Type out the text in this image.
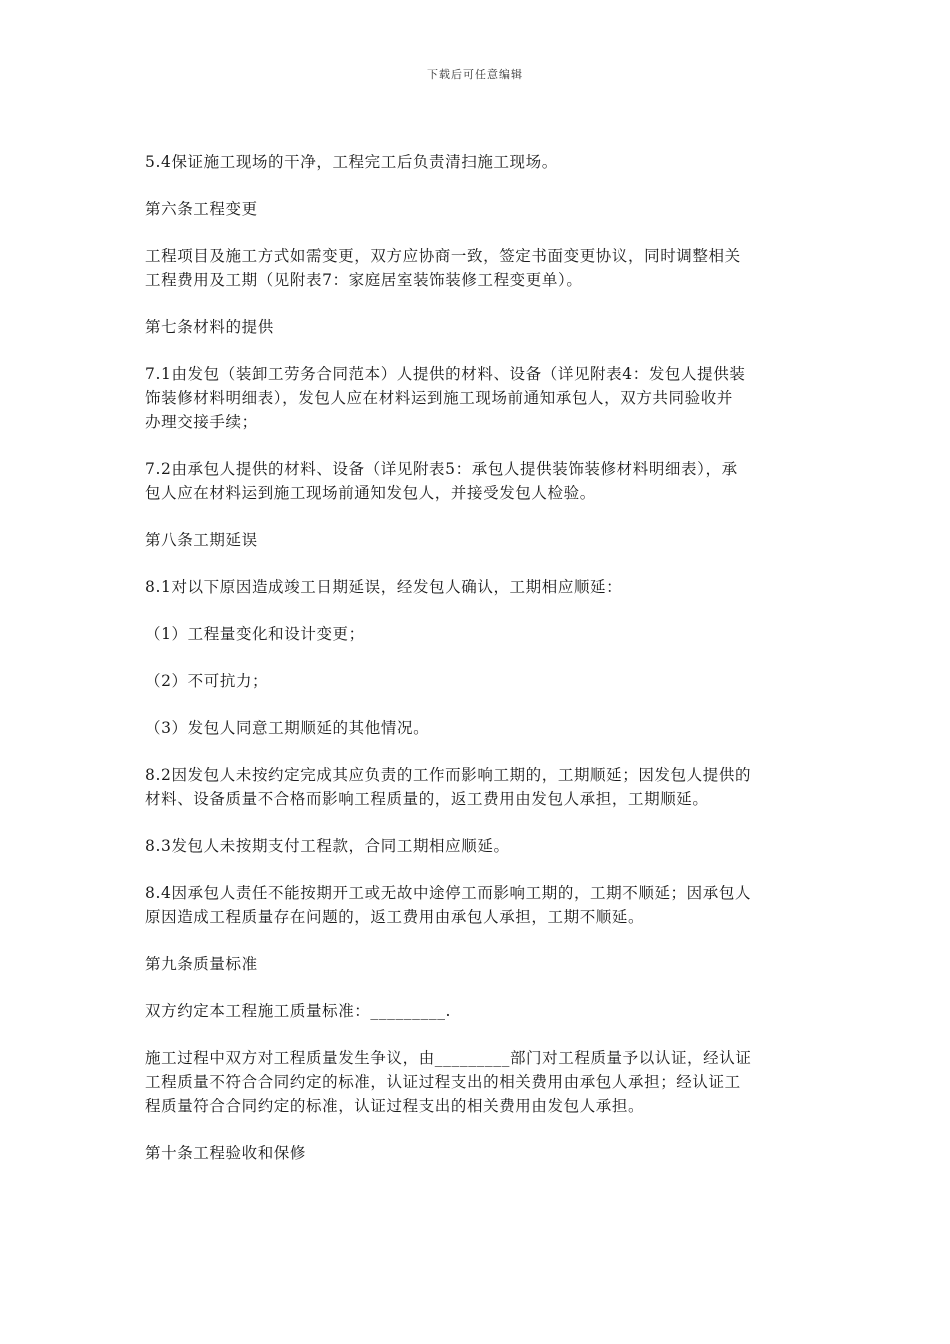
下载后可任意编辑

5.4保证施工现场的干净，工程完工后负责清扫施工现场。

第六条工程变更

工程项目及施工方式如需变更，双方应协商一致，签定书面变更协议，同时调整相关
工程费用及工期（见附表7：家庭居室装饰装修工程变更单）。

第七条材料的提供

7.1由发包（装卸工劳务合同范本）人提供的材料、设备（详见附表4：发包人提供装
饰装修材料明细表），发包人应在材料运到施工现场前通知承包人，双方共同验收并
办理交接手续；

7.2由承包人提供的材料、设备（详见附表5：承包人提供装饰装修材料明细表），承
包人应在材料运到施工现场前通知发包人，并接受发包人检验。

第八条工期延误

8.1对以下原因造成竣工日期延误，经发包人确认，工期相应顺延：

（1）工程量变化和设计变更；

（2）不可抗力；

（3）发包人同意工期顺延的其他情况。

8.2因发包人未按约定完成其应负责的工作而影响工期的，工期顺延；因发包人提供的
材料、设备质量不合格而影响工程质量的，返工费用由发包人承担，工期顺延。

8.3发包人未按期支付工程款，合同工期相应顺延。

8.4因承包人责任不能按期开工或无故中途停工而影响工期的，工期不顺延；因承包人
原因造成工程质量存在问题的，返工费用由承包人承担，工期不顺延。

第九条质量标准

双方约定本工程施工质量标准：_________.

施工过程中双方对工程质量发生争议，由_________部门对工程质量予以认证，经认证
工程质量不符合合同约定的标准，认证过程支出的相关费用由承包人承担；经认证工
程质量符合合同约定的标准，认证过程支出的相关费用由发包人承担。

第十条工程验收和保修
